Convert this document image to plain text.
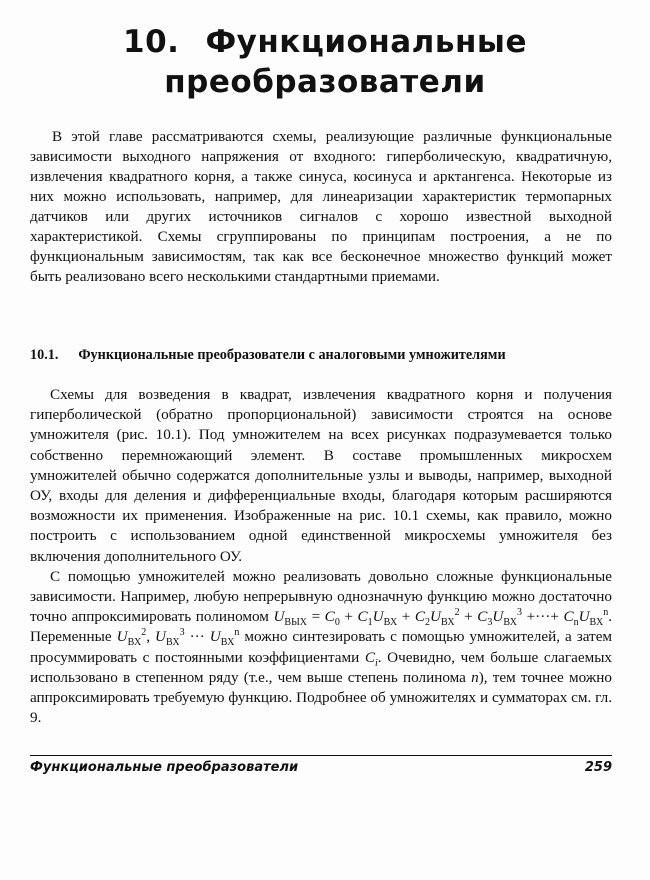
10. Функциональные
преобразователи

В этой главе рассматриваются схемы, реализующие различные функциональные зависимости выходного напряжения от входного: гиперболическую, квадратичную, извлечения квадратного корня, а также синуса, косинуса и арктангенса. Некоторые из них можно использовать, например, для линеаризации характеристик термопарных датчиков или других источников сигналов с хорошо известной выходной характеристикой. Схемы сгруппированы по принципам построения, а не по функциональным зависимостям, так как все бесконечное множество функций может быть реализовано всего несколькими стандартными приемами.

10.1. Функциональные преобразователи с аналоговыми умножителями

Схемы для возведения в квадрат, извлечения квадратного корня и получения гиперболической (обратно пропорциональной) зависимости строятся на основе умножителя (рис. 10.1). Под умножителем на всех рисунках подразумевается только собственно перемножающий элемент. В составе промышленных микросхем умножителей обычно содержатся дополнительные узлы и выводы, например, выходной ОУ, входы для деления и дифференциальные входы, благодаря которым расширяются возможности их применения. Изображенные на рис. 10.1 схемы, как правило, можно построить с использованием одной единственной микросхемы умножителя без включения дополнительного ОУ.

С помощью умножителей можно реализовать довольно сложные функциональные зависимости. Например, любую непрерывную однозначную функцию можно достаточно точно аппроксимировать полиномом $U_{ВЫХ} = C_0 + C_1U_{ВХ} + C_2U_{ВХ}^2 + C_3U_{ВХ}^3$ +···+ $C_nU_{ВХ}^n$. Переменные $U_{ВХ}^2$, $U_{ВХ}^3$ ··· $U_{ВХ}^n$ можно синтезировать с помощью умножителей, а затем просуммировать с постоянными коэффициентами $C_i$. Очевидно, чем больше слагаемых использовано в степенном ряду (т.е., чем выше степень полинома n), тем точнее можно аппроксимировать требуемую функцию. Подробнее об умножителях и сумматорах см. гл. 9.

Функциональные преобразователи	259
